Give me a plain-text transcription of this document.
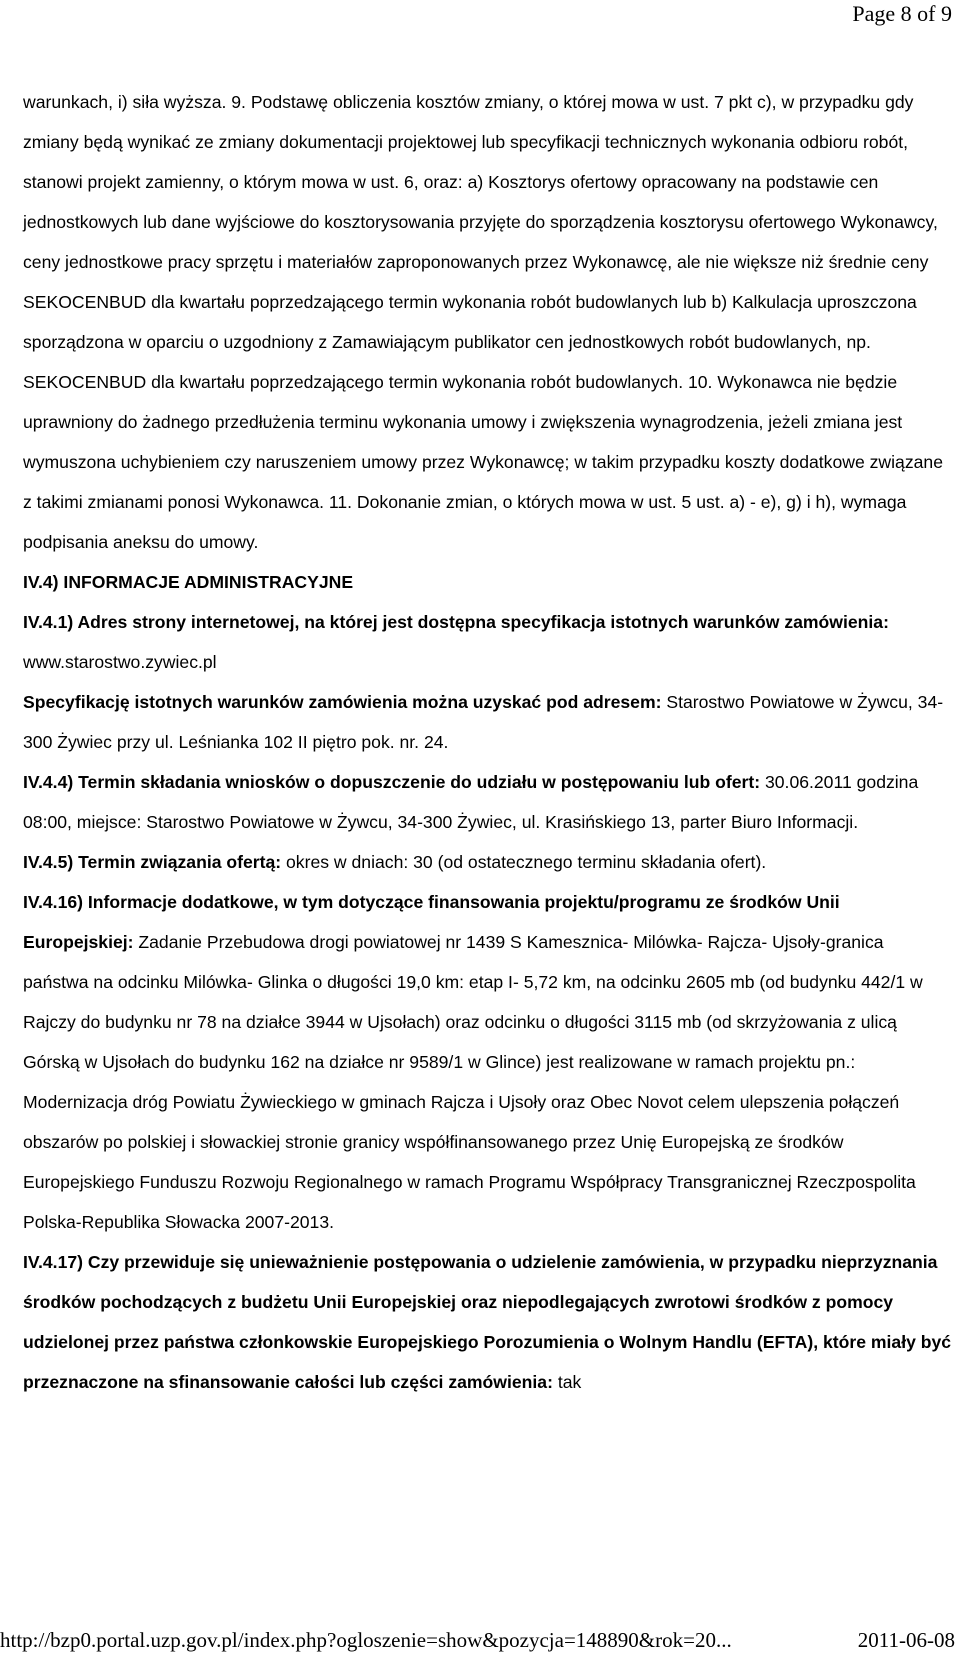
Page 8 of 9

warunkach, i) siła wyższa. 9. Podstawę obliczenia kosztów zmiany, o której mowa w ust. 7 pkt c), w przypadku gdy zmiany będą wynikać ze zmiany dokumentacji projektowej lub specyfikacji technicznych wykonania odbioru robót, stanowi projekt zamienny, o którym mowa w ust. 6, oraz: a) Kosztorys ofertowy opracowany na podstawie cen jednostkowych lub dane wyjściowe do kosztorysowania przyjęte do sporządzenia kosztorysu ofertowego Wykonawcy, ceny jednostkowe pracy sprzętu i materiałów zaproponowanych przez Wykonawcę, ale nie większe niż średnie ceny SEKOCENBUD dla kwartału poprzedzającego termin wykonania robót budowlanych lub b) Kalkulacja uproszczona sporządzona w oparciu o uzgodniony z Zamawiającym publikator cen jednostkowych robót budowlanych, np. SEKOCENBUD dla kwartału poprzedzającego termin wykonania robót budowlanych. 10. Wykonawca nie będzie uprawniony do żadnego przedłużenia terminu wykonania umowy i zwiększenia wynagrodzenia, jeżeli zmiana jest wymuszona uchybieniem czy naruszeniem umowy przez Wykonawcę; w takim przypadku koszty dodatkowe związane z takimi zmianami ponosi Wykonawca. 11. Dokonanie zmian, o których mowa w ust. 5 ust. a) - e), g) i h), wymaga podpisania aneksu do umowy.

IV.4) INFORMACJE ADMINISTRACYJNE

IV.4.1) Adres strony internetowej, na której jest dostępna specyfikacja istotnych warunków zamówienia: www.starostwo.zywiec.pl

Specyfikację istotnych warunków zamówienia można uzyskać pod adresem: Starostwo Powiatowe w Żywcu, 34-300 Żywiec przy ul. Leśnianka 102 II piętro pok. nr. 24.

IV.4.4) Termin składania wniosków o dopuszczenie do udziału w postępowaniu lub ofert: 30.06.2011 godzina 08:00, miejsce: Starostwo Powiatowe w Żywcu, 34-300 Żywiec, ul. Krasińskiego 13, parter Biuro Informacji.

IV.4.5) Termin związania ofertą: okres w dniach: 30 (od ostatecznego terminu składania ofert).

IV.4.16) Informacje dodatkowe, w tym dotyczące finansowania projektu/programu ze środków Unii Europejskiej: Zadanie Przebudowa drogi powiatowej nr 1439 S Kamesznica- Milówka- Rajcza- Ujsoły-granica państwa na odcinku Milówka- Glinka o długości 19,0 km: etap I- 5,72 km, na odcinku 2605 mb (od budynku 442/1 w Rajczy do budynku nr 78 na działce 3944 w Ujsołach) oraz odcinku o długości 3115 mb (od skrzyżowania z ulicą Górską w Ujsołach do budynku 162 na działce nr 9589/1 w Glince) jest realizowane w ramach projektu pn.: Modernizacja dróg Powiatu Żywieckiego w gminach Rajcza i Ujsoły oraz Obec Novot celem ulepszenia połączeń obszarów po polskiej i słowackiej stronie granicy współfinansowanego przez Unię Europejską ze środków Europejskiego Funduszu Rozwoju Regionalnego w ramach Programu Współpracy Transgranicznej Rzeczpospolita Polska-Republika Słowacka 2007-2013.

IV.4.17) Czy przewiduje się unieważnienie postępowania o udzielenie zamówienia, w przypadku nieprzyznania środków pochodzących z budżetu Unii Europejskiej oraz niepodlegających zwrotowi środków z pomocy udzielonej przez państwa członkowskie Europejskiego Porozumienia o Wolnym Handlu (EFTA), które miały być przeznaczone na sfinansowanie całości lub części zamówienia: tak

http://bzp0.portal.uzp.gov.pl/index.php?ogloszenie=show&pozycja=148890&rok=20...	2011-06-08
